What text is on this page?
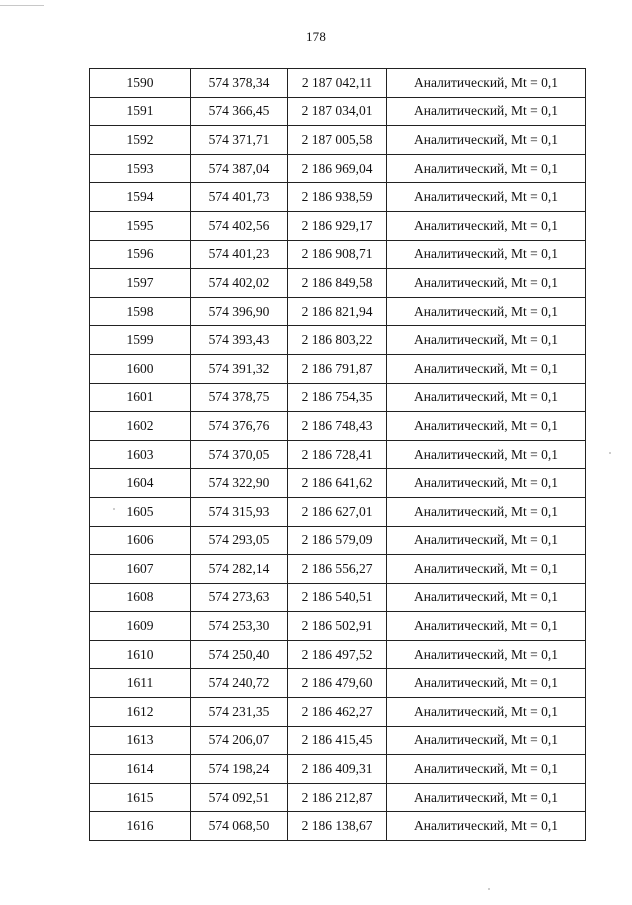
178
1590	574 378,34	2 187 042,11	Аналитический, Mt = 0,1
1591	574 366,45	2 187 034,01	Аналитический, Mt = 0,1
1592	574 371,71	2 187 005,58	Аналитический, Mt = 0,1
1593	574 387,04	2 186 969,04	Аналитический, Mt = 0,1
1594	574 401,73	2 186 938,59	Аналитический, Mt = 0,1
1595	574 402,56	2 186 929,17	Аналитический, Mt = 0,1
1596	574 401,23	2 186 908,71	Аналитический, Mt = 0,1
1597	574 402,02	2 186 849,58	Аналитический, Mt = 0,1
1598	574 396,90	2 186 821,94	Аналитический, Mt = 0,1
1599	574 393,43	2 186 803,22	Аналитический, Mt = 0,1
1600	574 391,32	2 186 791,87	Аналитический, Mt = 0,1
1601	574 378,75	2 186 754,35	Аналитический, Mt = 0,1
1602	574 376,76	2 186 748,43	Аналитический, Mt = 0,1
1603	574 370,05	2 186 728,41	Аналитический, Mt = 0,1
1604	574 322,90	2 186 641,62	Аналитический, Mt = 0,1
1605	574 315,93	2 186 627,01	Аналитический, Mt = 0,1
1606	574 293,05	2 186 579,09	Аналитический, Mt = 0,1
1607	574 282,14	2 186 556,27	Аналитический, Mt = 0,1
1608	574 273,63	2 186 540,51	Аналитический, Mt = 0,1
1609	574 253,30	2 186 502,91	Аналитический, Mt = 0,1
1610	574 250,40	2 186 497,52	Аналитический, Mt = 0,1
1611	574 240,72	2 186 479,60	Аналитический, Mt = 0,1
1612	574 231,35	2 186 462,27	Аналитический, Mt = 0,1
1613	574 206,07	2 186 415,45	Аналитический, Mt = 0,1
1614	574 198,24	2 186 409,31	Аналитический, Mt = 0,1
1615	574 092,51	2 186 212,87	Аналитический, Mt = 0,1
1616	574 068,50	2 186 138,67	Аналитический, Mt = 0,1
